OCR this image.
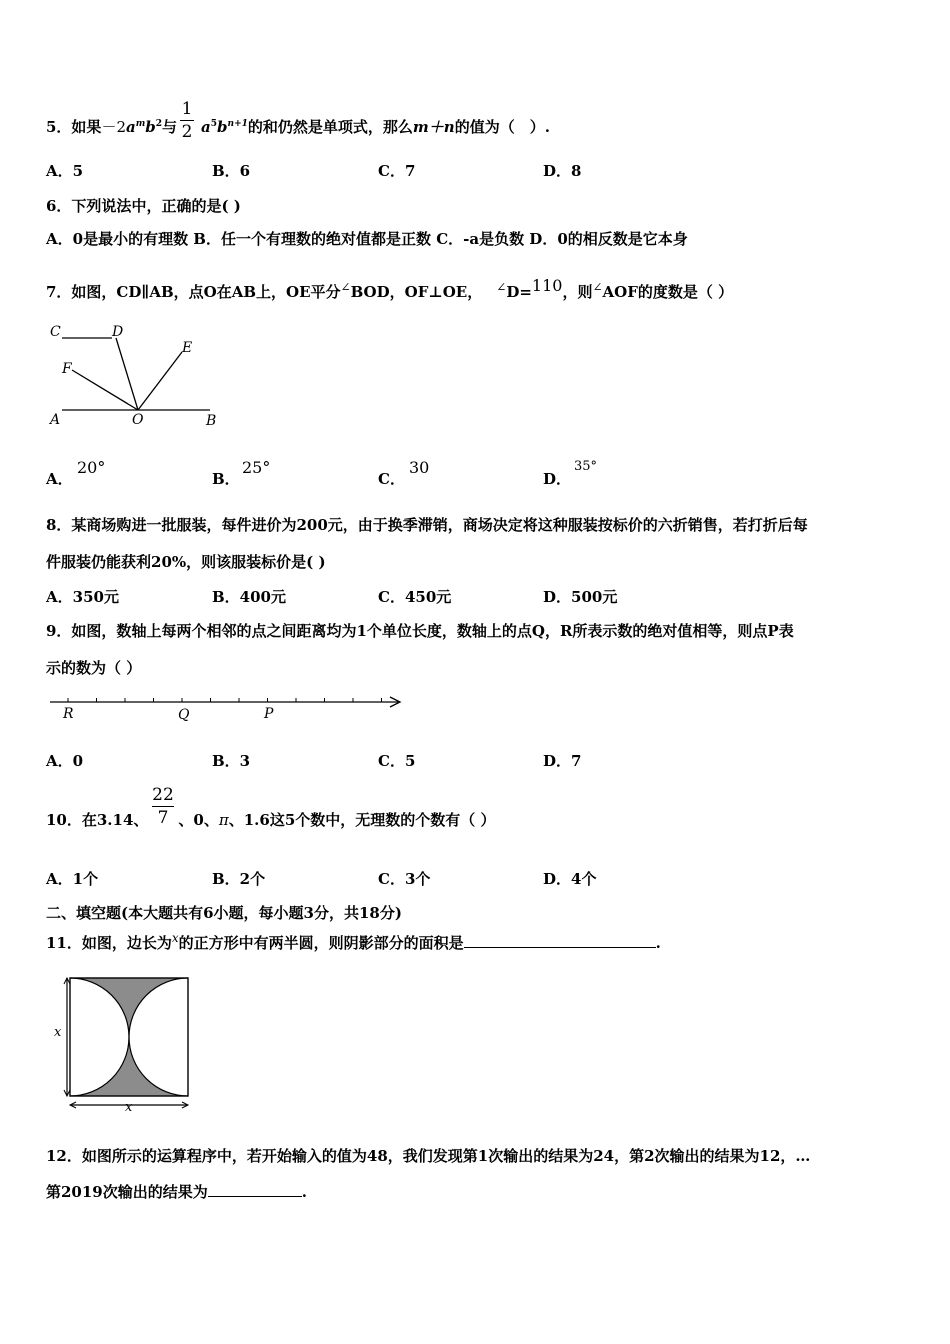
5．如果$-2a^mb^2$与 $a^5b^{n+1}$的和仍然是单项式，那么m＋n的值为（　）.
1
2
A．5	B．6	C．7	D．8
6．下列说法中，正确的是( )
A．0是最小的有理数 B．任一个有理数的绝对值都是正数 C．-a是负数 D．0的相反数是它本身
7．如图，CD∥AB，点O在AB上，OE平分∠BOD，OF⊥OE， ∠D=$^{110}$，则∠AOF的度数是（ ）
C	D
E
F
A	O	B
A．
20°
B．
25°
C．
30
D．
35°
8．某商场购进一批服装，每件进价为200元，由于换季滞销，商场决定将这种服装按标价的六折销售，若打折后每
件服装仍能获利20%，则该服装标价是( )
A．350元	B．400元	C．450元	D．500元
9．如图，数轴上每两个相邻的点之间距离均为1个单位长度，数轴上的点Q，R所表示数的绝对值相等，则点P表
示的数为（ ）
R	Q	P
A．0	B．3	C．5	D．7
10．在3.14、 、0、π、1.6这5个数中，无理数的个数有（ ）
22
7
A．1个	B．2个	C．3个	D．4个
二、填空题(本大题共有6小题，每小题3分，共18分)
11．如图，边长为$^x$的正方形中有两半圆，则阴影部分的面积是	.
x
x
12．如图所示的运算程序中，若开始输入的值为48，我们发现第1次输出的结果为24，第2次输出的结果为12，…
第2019次输出的结果为	.
